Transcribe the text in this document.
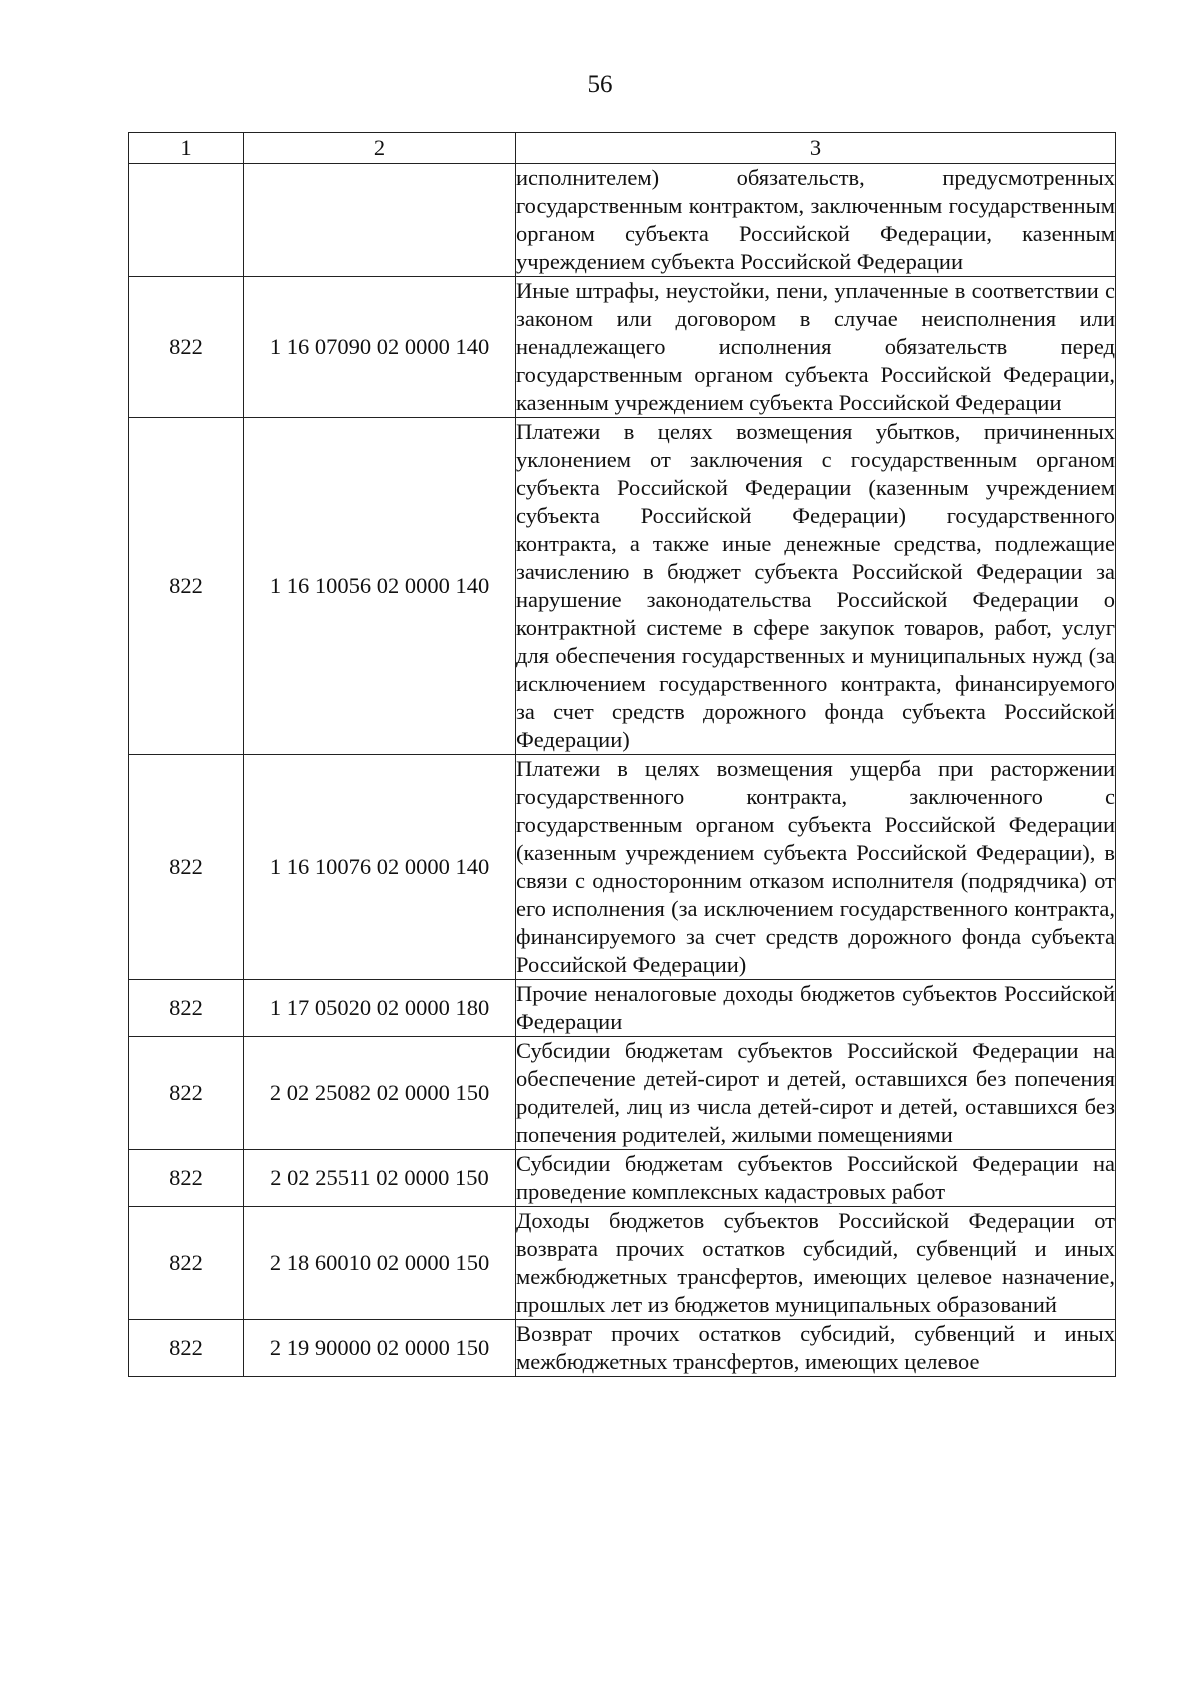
56
1	2	3
		исполнителем) обязательств, предусмотренных государственным контрактом, заключенным государственным органом субъекта Российской Федерации, казенным учреждением субъекта Российской Федерации
822	1 16 07090 02 0000 140	Иные штрафы, неустойки, пени, уплаченные в соответствии с законом или договором в случае неисполнения или ненадлежащего исполнения обязательств перед государственным органом субъекта Российской Федерации, казенным учреждением субъекта Российской Федерации
822	1 16 10056 02 0000 140	Платежи в целях возмещения убытков, причиненных уклонением от заключения с государственным органом субъекта Российской Федерации (казенным учреждением субъекта Российской Федерации) государственного контракта, а также иные денежные средства, подлежащие зачислению в бюджет субъекта Российской Федерации за нарушение законодательства Российской Федерации о контрактной системе в сфере закупок товаров, работ, услуг для обеспечения государственных и муниципальных нужд (за исключением государственного контракта, финансируемого за счет средств дорожного фонда субъекта Российской Федерации)
822	1 16 10076 02 0000 140	Платежи в целях возмещения ущерба при расторжении государственного контракта, заключенного с государственным органом субъекта Российской Федерации (казенным учреждением субъекта Российской Федерации), в связи с односторонним отказом исполнителя (подрядчика) от его исполнения (за исключением государственного контракта, финансируемого за счет средств дорожного фонда субъекта Российской Федерации)
822	1 17 05020 02 0000 180	Прочие неналоговые доходы бюджетов субъектов Российской Федерации
822	2 02 25082 02 0000 150	Субсидии бюджетам субъектов Российской Федерации на обеспечение детей-сирот и детей, оставшихся без попечения родителей, лиц из числа детей-сирот и детей, оставшихся без попечения родителей, жилыми помещениями
822	2 02 25511 02 0000 150	Субсидии бюджетам субъектов Российской Федерации на проведение комплексных кадастровых работ
822	2 18 60010 02 0000 150	Доходы бюджетов субъектов Российской Федерации от возврата прочих остатков субсидий, субвенций и иных межбюджетных трансфертов, имеющих целевое назначение, прошлых лет из бюджетов муниципальных образований
822	2 19 90000 02 0000 150	Возврат прочих остатков субсидий, субвенций и иных межбюджетных трансфертов, имеющих целевое
